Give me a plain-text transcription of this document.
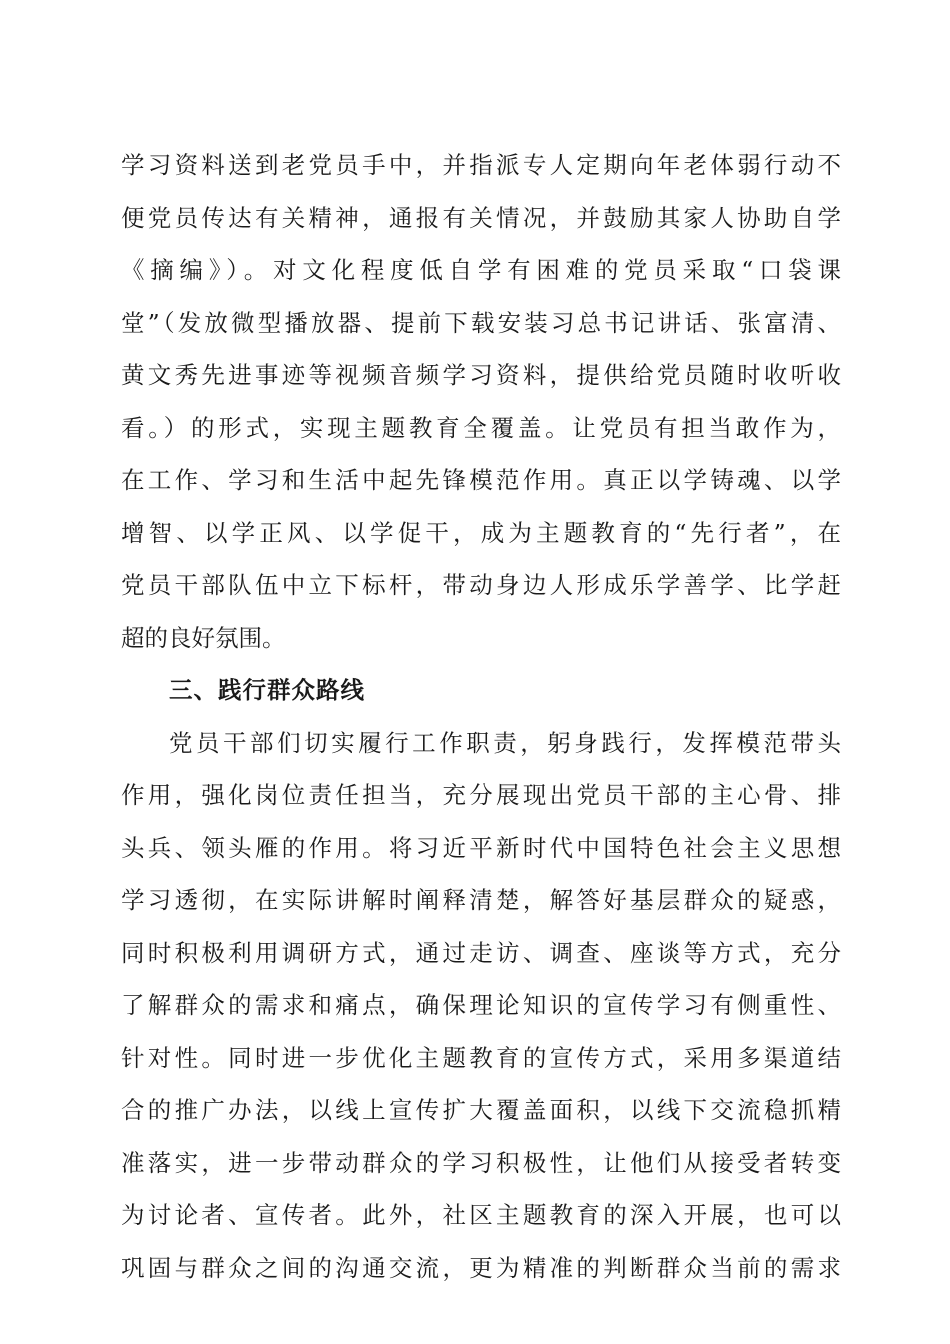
学习资料送到老党员手中，并指派专人定期向年老体弱行动不
便党员传达有关精神，通报有关情况，并鼓励其家人协助自学
《摘编》）。对文化程度低自学有困难的党员采取“口袋课
堂”（发放微型播放器、提前下载安装习总书记讲话、张富清、
黄文秀先进事迹等视频音频学习资料，提供给党员随时收听收
看。）的形式，实现主题教育全覆盖。让党员有担当敢作为，
在工作、学习和生活中起先锋模范作用。真正以学铸魂、以学
增智、以学正风、以学促干，成为主题教育的“先行者”，在
党员干部队伍中立下标杆，带动身边人形成乐学善学、比学赶
超的良好氛围。
三、践行群众路线
党员干部们切实履行工作职责，躬身践行，发挥模范带头
作用，强化岗位责任担当，充分展现出党员干部的主心骨、排
头兵、领头雁的作用。将习近平新时代中国特色社会主义思想
学习透彻，在实际讲解时阐释清楚，解答好基层群众的疑惑，
同时积极利用调研方式，通过走访、调查、座谈等方式，充分
了解群众的需求和痛点，确保理论知识的宣传学习有侧重性、
针对性。同时进一步优化主题教育的宣传方式，采用多渠道结
合的推广办法，以线上宣传扩大覆盖面积，以线下交流稳抓精
准落实，进一步带动群众的学习积极性，让他们从接受者转变
为讨论者、宣传者。此外，社区主题教育的深入开展，也可以
巩固与群众之间的沟通交流，更为精准的判断群众当前的需求
